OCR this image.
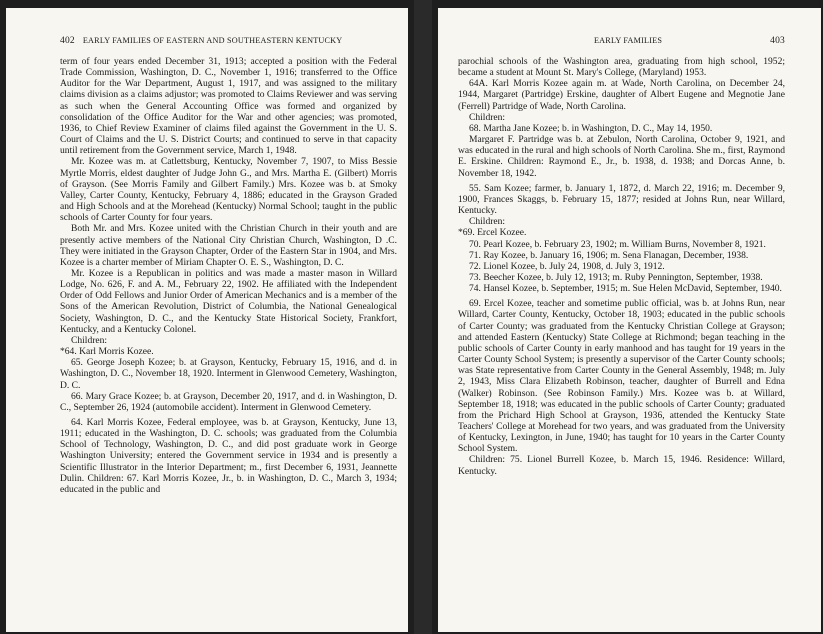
402 EARLY FAMILIES OF EASTERN AND SOUTHEASTERN KENTUCKY

term of four years ended December 31, 1913; accepted a position with the Federal Trade Commission, Washington, D. C., November 1, 1916; transferred to the Office Auditor for the War Department, August 1, 1917, and was assigned to the military claims division as a claims adjustor; was promoted to Claims Reviewer and was serving as such when the General Accounting Office was formed and organized by consolidation of the Office Auditor for the War and other agencies; was promoted, 1936, to Chief Review Examiner of claims filed against the Government in the U. S. Court of Claims and the U. S. District Courts; and continued to serve in that capacity until retirement from the Government service, March 1, 1948.

Mr. Kozee was m. at Catlettsburg, Kentucky, November 7, 1907, to Miss Bessie Myrtle Morris, eldest daughter of Judge John G., and Mrs. Martha E. (Gilbert) Morris of Grayson. (See Morris Family and Gilbert Family.) Mrs. Kozee was b. at Smoky Valley, Carter County, Kentucky, February 4, 1886; educated in the Grayson Graded and High Schools and at the Morehead (Kentucky) Normal School; taught in the public schools of Carter County for four years.

Both Mr. and Mrs. Kozee united with the Christian Church in their youth and are presently active members of the National City Christian Church, Washington, D .C. They were initiated in the Grayson Chapter, Order of the Eastern Star in 1904, and Mrs. Kozee is a charter member of Miriam Chapter O. E. S., Washington, D. C.

Mr. Kozee is a Republican in politics and was made a master mason in Willard Lodge, No. 626, F. and A. M., February 22, 1902. He affiliated with the Independent Order of Odd Fellows and Junior Order of American Mechanics and is a member of the Sons of the American Revolution, District of Columbia, the National Genealogical Society, Washington, D. C., and the Kentucky State Historical Society, Frankfort, Kentucky, and a Kentucky Colonel.

Children:

*64. Karl Morris Kozee.

65. George Joseph Kozee; b. at Grayson, Kentucky, February 15, 1916, and d. in Washington, D. C., November 18, 1920. Interment in Glenwood Cemetery, Washington, D. C.

66. Mary Grace Kozee; b. at Grayson, December 20, 1917, and d. in Washington, D. C., September 26, 1924 (automobile accident). Interment in Glenwood Cemetery.

64. Karl Morris Kozee, Federal employee, was b. at Grayson, Kentucky, June 13, 1911; educated in the Washington, D. C. schools; was graduated from the Columbia School of Technology, Washington, D. C., and did post graduate work in George Washington University; entered the Government service in 1934 and is presently a Scientific Illustrator in the Interior Department; m., first December 6, 1931, Jeannette Dulin. Children: 67. Karl Morris Kozee, Jr., b. in Washington, D. C., March 3, 1934; educated in the public and

EARLY FAMILIES	403

parochial schools of the Washington area, graduating from high school, 1952; became a student at Mount St. Mary's College, (Maryland) 1953.

64A. Karl Morris Kozee again m. at Wade, North Carolina, on December 24, 1944, Margaret (Partridge) Erskine, daughter of Albert Eugene and Megnotie Jane (Ferrell) Partridge of Wade, North Carolina.

Children:

68. Martha Jane Kozee; b. in Washington, D. C., May 14, 1950.

Margaret F. Partridge was b. at Zebulon, North Carolina, October 9, 1921, and was educated in the rural and high schools of North Carolina. She m., first, Raymond E. Erskine. Children: Raymond E., Jr., b. 1938, d. 1938; and Dorcas Anne, b. November 18, 1942.

55. Sam Kozee; farmer, b. January 1, 1872, d. March 22, 1916; m. December 9, 1900, Frances Skaggs, b. February 15, 1877; resided at Johns Run, near Willard, Kentucky.

Children:

*69. Ercel Kozee.

70. Pearl Kozee, b. February 23, 1902; m. William Burns, November 8, 1921.

71. Ray Kozee, b. January 16, 1906; m. Sena Flanagan, December, 1938.

72. Lionel Kozee, b. July 24, 1908, d. July 3, 1912.

73. Beecher Kozee, b. July 12, 1913; m. Ruby Pennington, September, 1938.

74. Hansel Kozee, b. September, 1915; m. Sue Helen McDavid, September, 1940.

69. Ercel Kozee, teacher and sometime public official, was b. at Johns Run, near Willard, Carter County, Kentucky, October 18, 1903; educated in the public schools of Carter County; was graduated from the Kentucky Christian College at Grayson; and attended Eastern (Kentucky) State College at Richmond; began teaching in the public schools of Carter County in early manhood and has taught for 19 years in the Carter County School System; is presently a supervisor of the Carter County schools; was State representative from Carter County in the General Assembly, 1948; m. July 2, 1943, Miss Clara Elizabeth Robinson, teacher, daughter of Burrell and Edna (Walker) Robinson. (See Robinson Family.) Mrs. Kozee was b. at Willard, September 18, 1918; was educated in the public schools of Carter County; graduated from the Prichard High School at Grayson, 1936, attended the Kentucky State Teachers' College at Morehead for two years, and was graduated from the University of Kentucky, Lexington, in June, 1940; has taught for 10 years in the Carter County School System.

Children: 75. Lionel Burrell Kozee, b. March 15, 1946. Residence: Willard, Kentucky.
